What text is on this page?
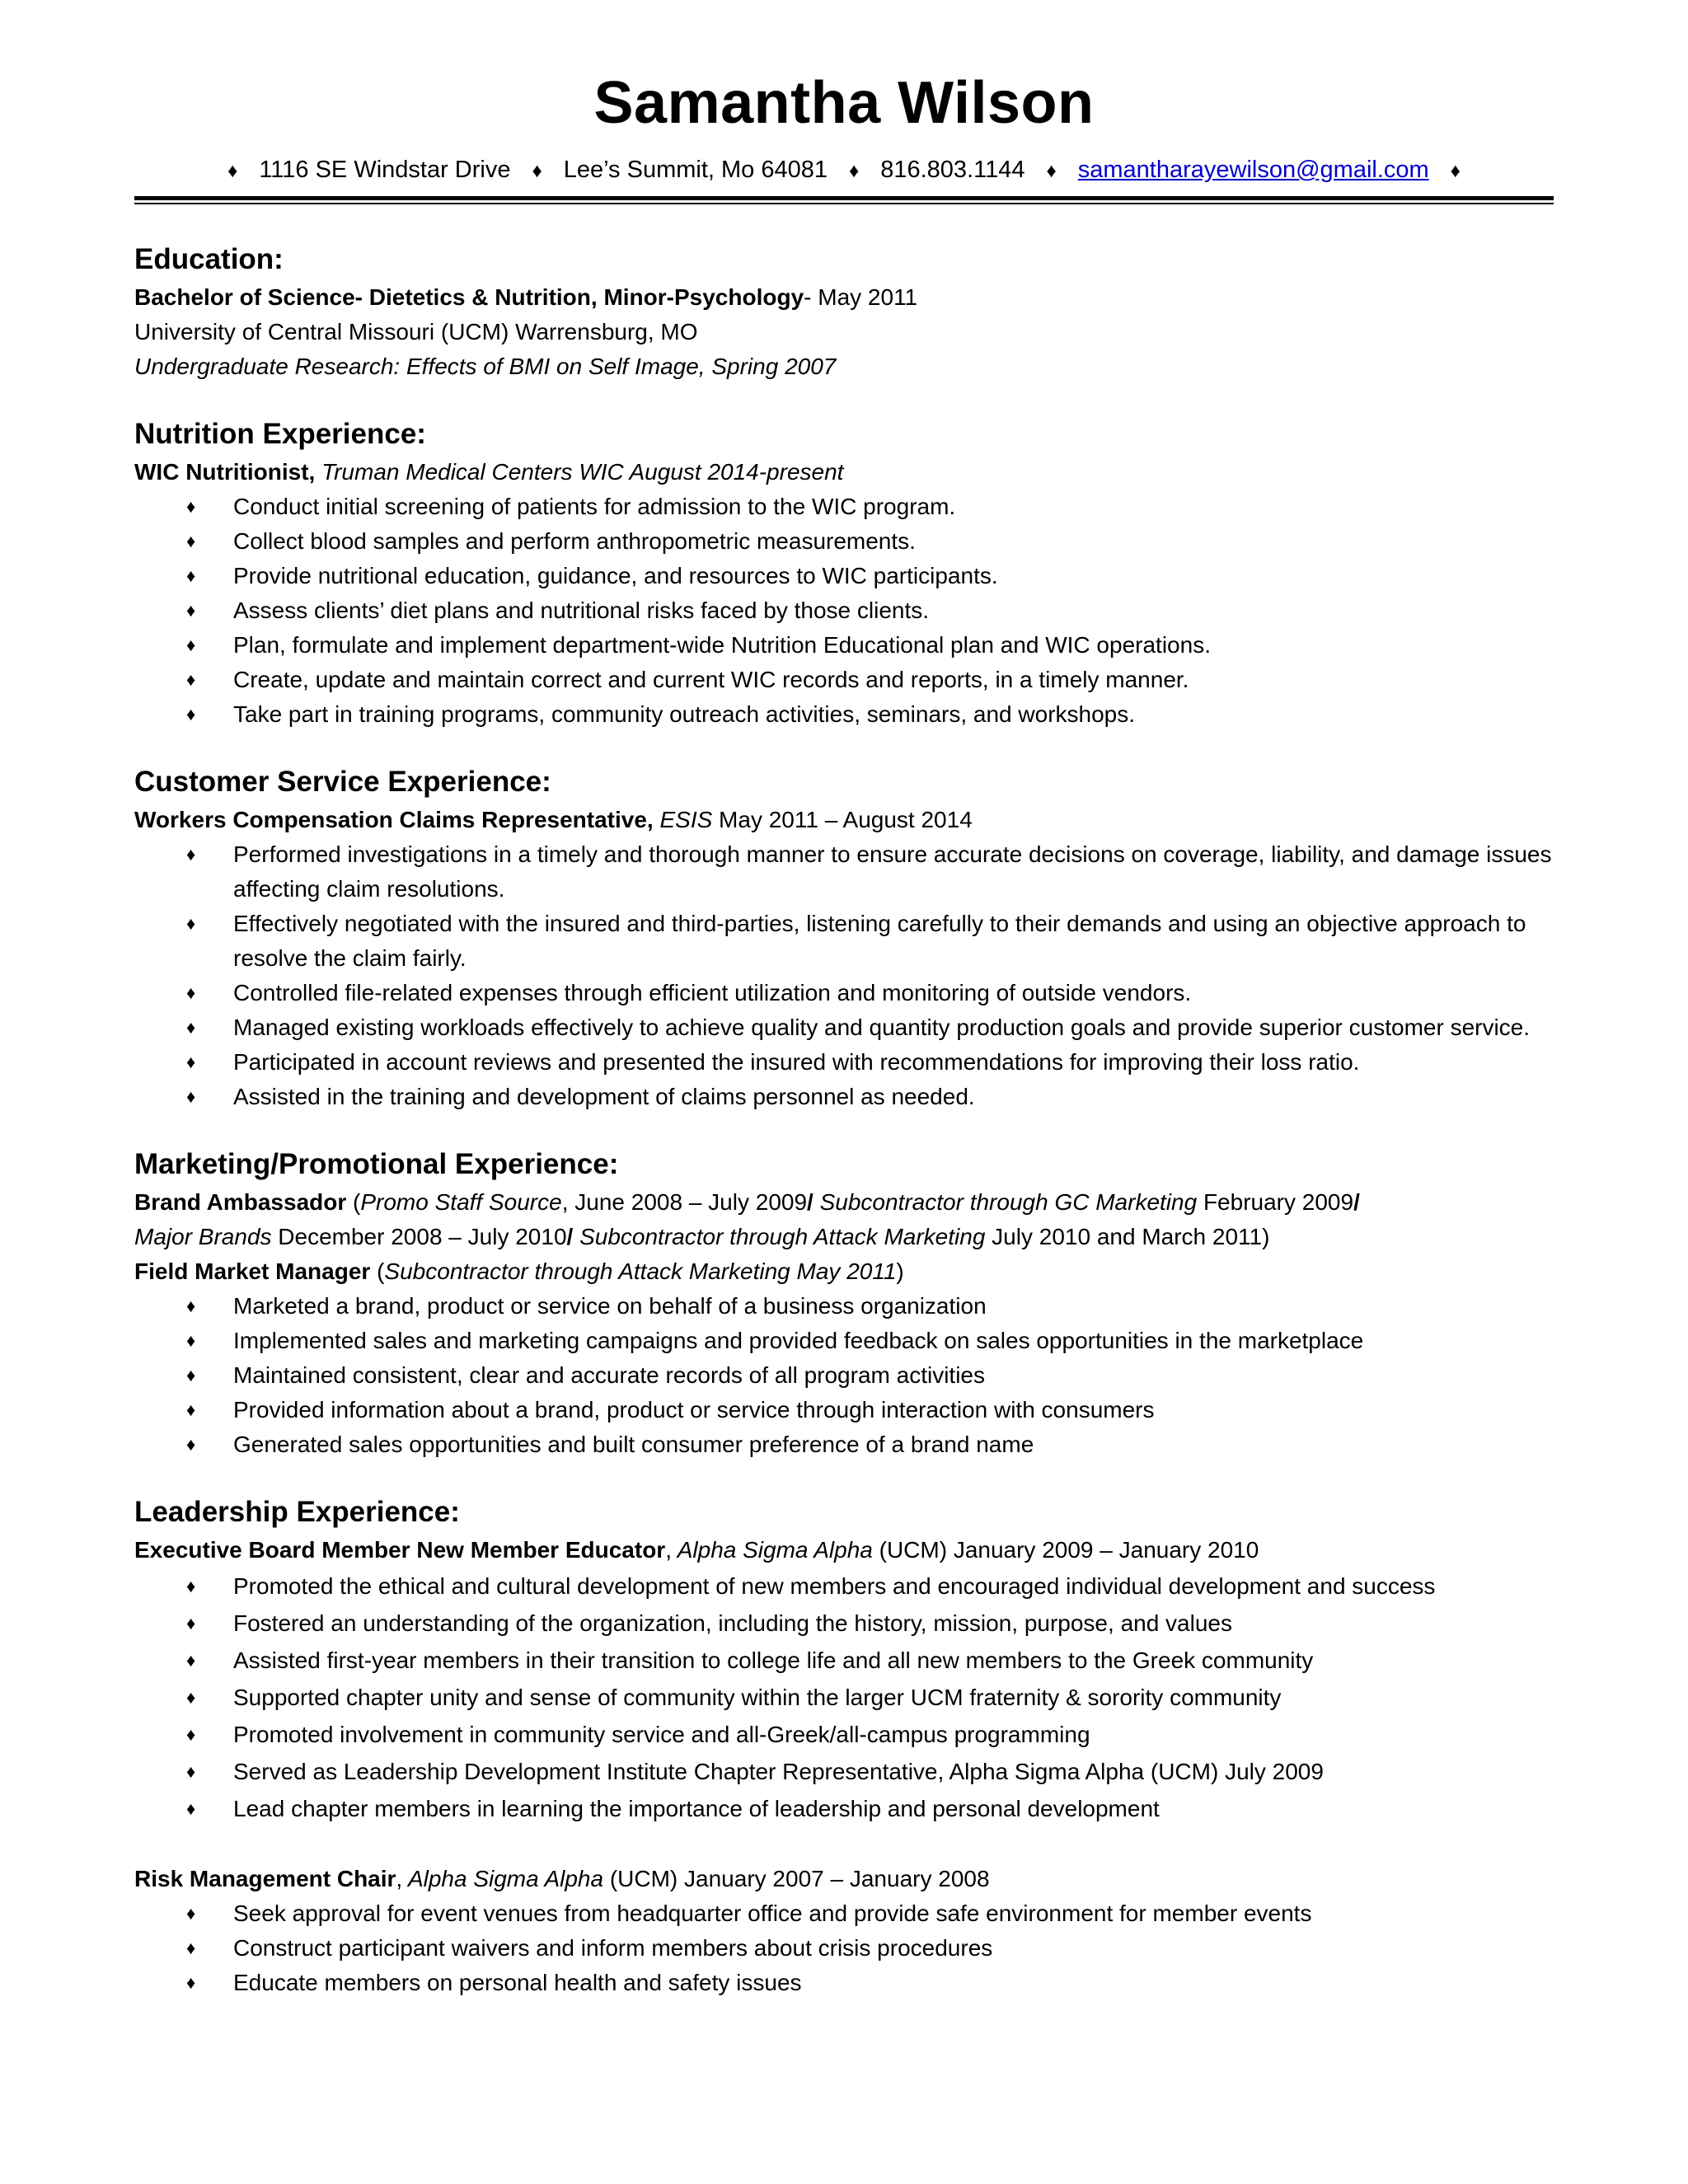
Samantha Wilson
♦ 1116 SE Windstar Drive ♦ Lee’s Summit, Mo 64081 ♦ 816.803.1144 ♦ samantharayewilson@gmail.com ♦
Education:
Bachelor of Science- Dietetics & Nutrition, Minor-Psychology- May 2011
University of Central Missouri (UCM) Warrensburg, MO
Undergraduate Research: Effects of BMI on Self Image, Spring 2007
Nutrition Experience:
WIC Nutritionist, Truman Medical Centers WIC August 2014-present
♦ Conduct initial screening of patients for admission to the WIC program.
♦ Collect blood samples and perform anthropometric measurements.
♦ Provide nutritional education, guidance, and resources to WIC participants.
♦ Assess clients’ diet plans and nutritional risks faced by those clients.
♦ Plan, formulate and implement department-wide Nutrition Educational plan and WIC operations.
♦ Create, update and maintain correct and current WIC records and reports, in a timely manner.
♦ Take part in training programs, community outreach activities, seminars, and workshops.
Customer Service Experience:
Workers Compensation Claims Representative, ESIS May 2011 – August 2014
♦ Performed investigations in a timely and thorough manner to ensure accurate decisions on coverage, liability, and damage issues affecting claim resolutions.
♦ Effectively negotiated with the insured and third-parties, listening carefully to their demands and using an objective approach to resolve the claim fairly.
♦ Controlled file-related expenses through efficient utilization and monitoring of outside vendors.
♦ Managed existing workloads effectively to achieve quality and quantity production goals and provide superior customer service.
♦ Participated in account reviews and presented the insured with recommendations for improving their loss ratio.
♦ Assisted in the training and development of claims personnel as needed.
Marketing/Promotional Experience:
Brand Ambassador (Promo Staff Source, June 2008 – July 2009/ Subcontractor through GC Marketing February 2009/
Major Brands December 2008 – July 2010/ Subcontractor through Attack Marketing July 2010 and March 2011)
Field Market Manager (Subcontractor through Attack Marketing May 2011)
♦ Marketed a brand, product or service on behalf of a business organization
♦ Implemented sales and marketing campaigns and provided feedback on sales opportunities in the marketplace
♦ Maintained consistent, clear and accurate records of all program activities
♦ Provided information about a brand, product or service through interaction with consumers
♦ Generated sales opportunities and built consumer preference of a brand name
Leadership Experience:
Executive Board Member New Member Educator, Alpha Sigma Alpha (UCM) January 2009 – January 2010
♦ Promoted the ethical and cultural development of new members and encouraged individual development and success
♦ Fostered an understanding of the organization, including the history, mission, purpose, and values
♦ Assisted first-year members in their transition to college life and all new members to the Greek community
♦ Supported chapter unity and sense of community within the larger UCM fraternity & sorority community
♦ Promoted involvement in community service and all-Greek/all-campus programming
♦ Served as Leadership Development Institute Chapter Representative, Alpha Sigma Alpha (UCM) July 2009
♦ Lead chapter members in learning the importance of leadership and personal development
Risk Management Chair, Alpha Sigma Alpha (UCM) January 2007 – January 2008
♦ Seek approval for event venues from headquarter office and provide safe environment for member events
♦ Construct participant waivers and inform members about crisis procedures
♦ Educate members on personal health and safety issues
